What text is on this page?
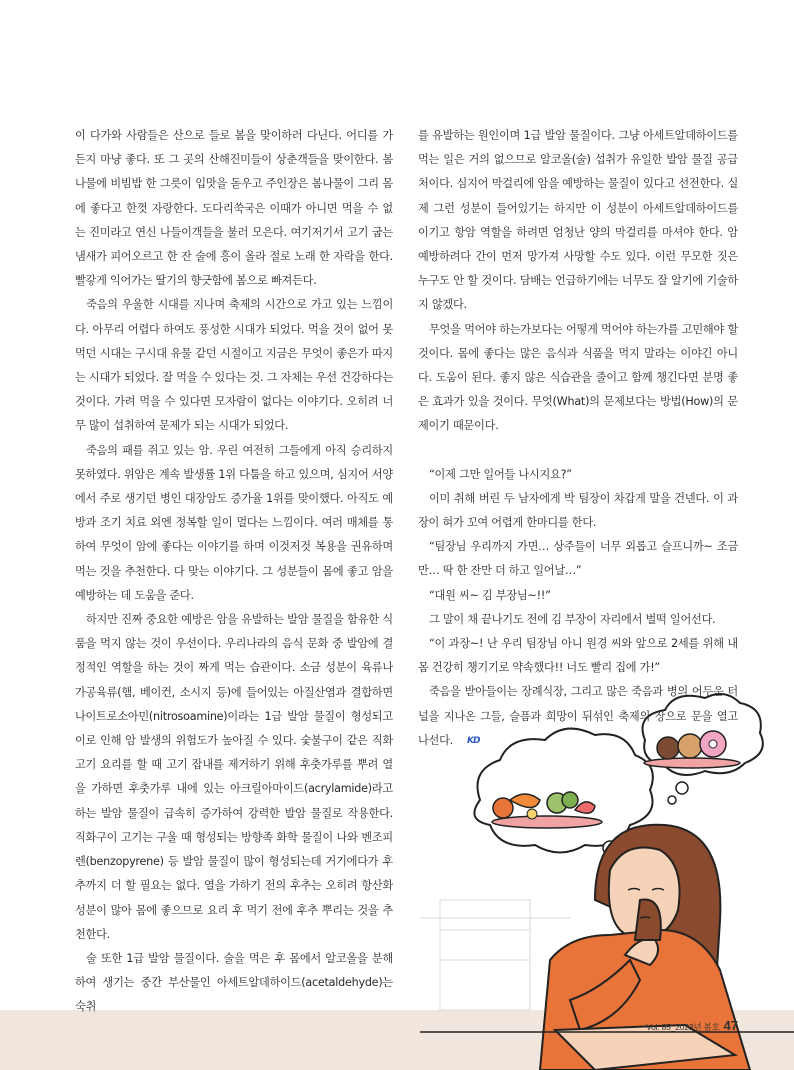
이 다가와 사람들은 산으로 들로 봄을 맞이하러 다닌다. 어디를 가든지 마냥 좋다. 또 그 곳의 산해진미들이 상춘객들을 맞이한다. 봄나물에 비빔밥 한 그릇이 입맛을 돋우고 주인장은 봄나물이 그리 몸에 좋다고 한껏 자랑한다. 도다리쑥국은 이때가 아니면 먹을 수 없는 진미라고 연신 나들이객들을 불러 모은다. 여기저기서 고기 굽는 냄새가 피어오르고 한 잔 술에 흥이 올라 절로 노래 한 자락을 한다. 빨갛게 익어가는 딸기의 향긋함에 봄으로 빠져든다.

죽음의 우울한 시대를 지나며 축제의 시간으로 가고 있는 느낌이다. 아무리 어렵다 하여도 풍성한 시대가 되었다. 먹을 것이 없어 못 먹던 시대는 구시대 유물 같던 시절이고 지금은 무엇이 좋은가 따지는 시대가 되었다. 잘 먹을 수 있다는 것. 그 자체는 우선 건강하다는 것이다. 가려 먹을 수 있다면 모자람이 없다는 이야기다. 오히려 너무 많이 섭취하여 문제가 되는 시대가 되었다.

죽음의 패를 쥐고 있는 암. 우린 여전히 그들에게 아직 승리하지 못하였다. 위암은 계속 발생률 1위 다툼을 하고 있으며, 심지어 서양에서 주로 생기던 병인 대장암도 증가율 1위를 맞이했다. 아직도 예방과 조기 치료 외엔 정복할 일이 멀다는 느낌이다. 여러 매체를 통하여 무엇이 암에 좋다는 이야기를 하며 이것저것 복용을 권유하며 먹는 것을 추천한다. 다 맞는 이야기다. 그 성분들이 몸에 좋고 암을 예방하는 데 도움을 준다.

하지만 진짜 중요한 예방은 암을 유발하는 발암 물질을 함유한 식품을 먹지 않는 것이 우선이다. 우리나라의 음식 문화 중 발암에 결정적인 역할을 하는 것이 짜게 먹는 습관이다. 소금 성분이 육류나 가공육류(햄, 베이컨, 소시지 등)에 들어있는 아질산염과 결합하면 나이트로소아민(nitrosoamine)이라는 1급 발암 물질이 형성되고 이로 인해 암 발생의 위험도가 높아질 수 있다. 숯불구이 같은 직화고기 요리를 할 때 고기 잡내를 제거하기 위해 후춧가루를 뿌려 열을 가하면 후춧가루 내에 있는 아크릴아마이드(acrylamide)라고 하는 발암 물질이 급속히 증가하여 강력한 발암 물질로 작용한다. 직화구이 고기는 구울 때 형성되는 방향족 화학 물질이 나와 벤조피렌(benzopyrene) 등 발암 물질이 많이 형성되는데 거기에다가 후추까지 더 할 필요는 없다. 열을 가하기 전의 후추는 오히려 항산화 성분이 많아 몸에 좋으므로 요리 후 먹기 전에 후추 뿌리는 것을 추천한다.

술 또한 1급 발암 물질이다. 술을 먹은 후 몸에서 알코올을 분해하여 생기는 중간 부산물인 아세트알데하이드(acetaldehyde)는 숙취

를 유발하는 원인이며 1급 발암 물질이다. 그냥 아세트알데하이드를 먹는 일은 거의 없으므로 알코올(술) 섭취가 유일한 발암 물질 공급처이다. 심지어 막걸리에 암을 예방하는 물질이 있다고 선전한다. 실제 그런 성분이 들어있기는 하지만 이 성분이 아세트알데하이드를 이기고 항암 역할을 하려면 엄청난 양의 막걸리를 마셔야 한다. 암 예방하려다 간이 먼저 망가져 사망할 수도 있다. 이런 무모한 짓은 누구도 안 할 것이다. 담배는 언급하기에는 너무도 잘 알기에 기술하지 않겠다.

무엇을 먹어야 하는가보다는 어떻게 먹어야 하는가를 고민해야 할 것이다. 몸에 좋다는 많은 음식과 식품을 먹지 말라는 이야긴 아니다. 도움이 된다. 좋지 않은 식습관을 줄이고 함께 챙긴다면 분명 좋은 효과가 있을 것이다. 무엇(What)의 문제보다는 방법(How)의 문제이기 때문이다.

“이제 그만 일어들 나시지요?”

이미 취해 버린 두 남자에게 박 팀장이 차갑게 말을 건넨다. 이 과장이 혀가 꼬여 어렵게 한마디를 한다.

“팀장님 우리까지 가면… 상주들이 너무 외롭고 슬프니까~ 조금만… 딱 한 잔만 더 하고 일어날…”

“대원 씨~ 김 부장님~!!”

그 말이 채 끝나기도 전에 김 부장이 자리에서 벌떡 일어선다.

“이 과장~! 난 우리 팀장님 아니 원경 씨와 앞으로 2세를 위해 내 몸 건강히 챙기기로 약속했다!! 너도 빨리 집에 가!”

죽음을 받아들이는 장례식장, 그리고 많은 죽음과 병의 어두운 터널을 지나온 그들, 슬픔과 희망이 뒤섞인 축제의 장으로 문을 열고 나선다. KD

Vol. 85_2023년 봄호 47
